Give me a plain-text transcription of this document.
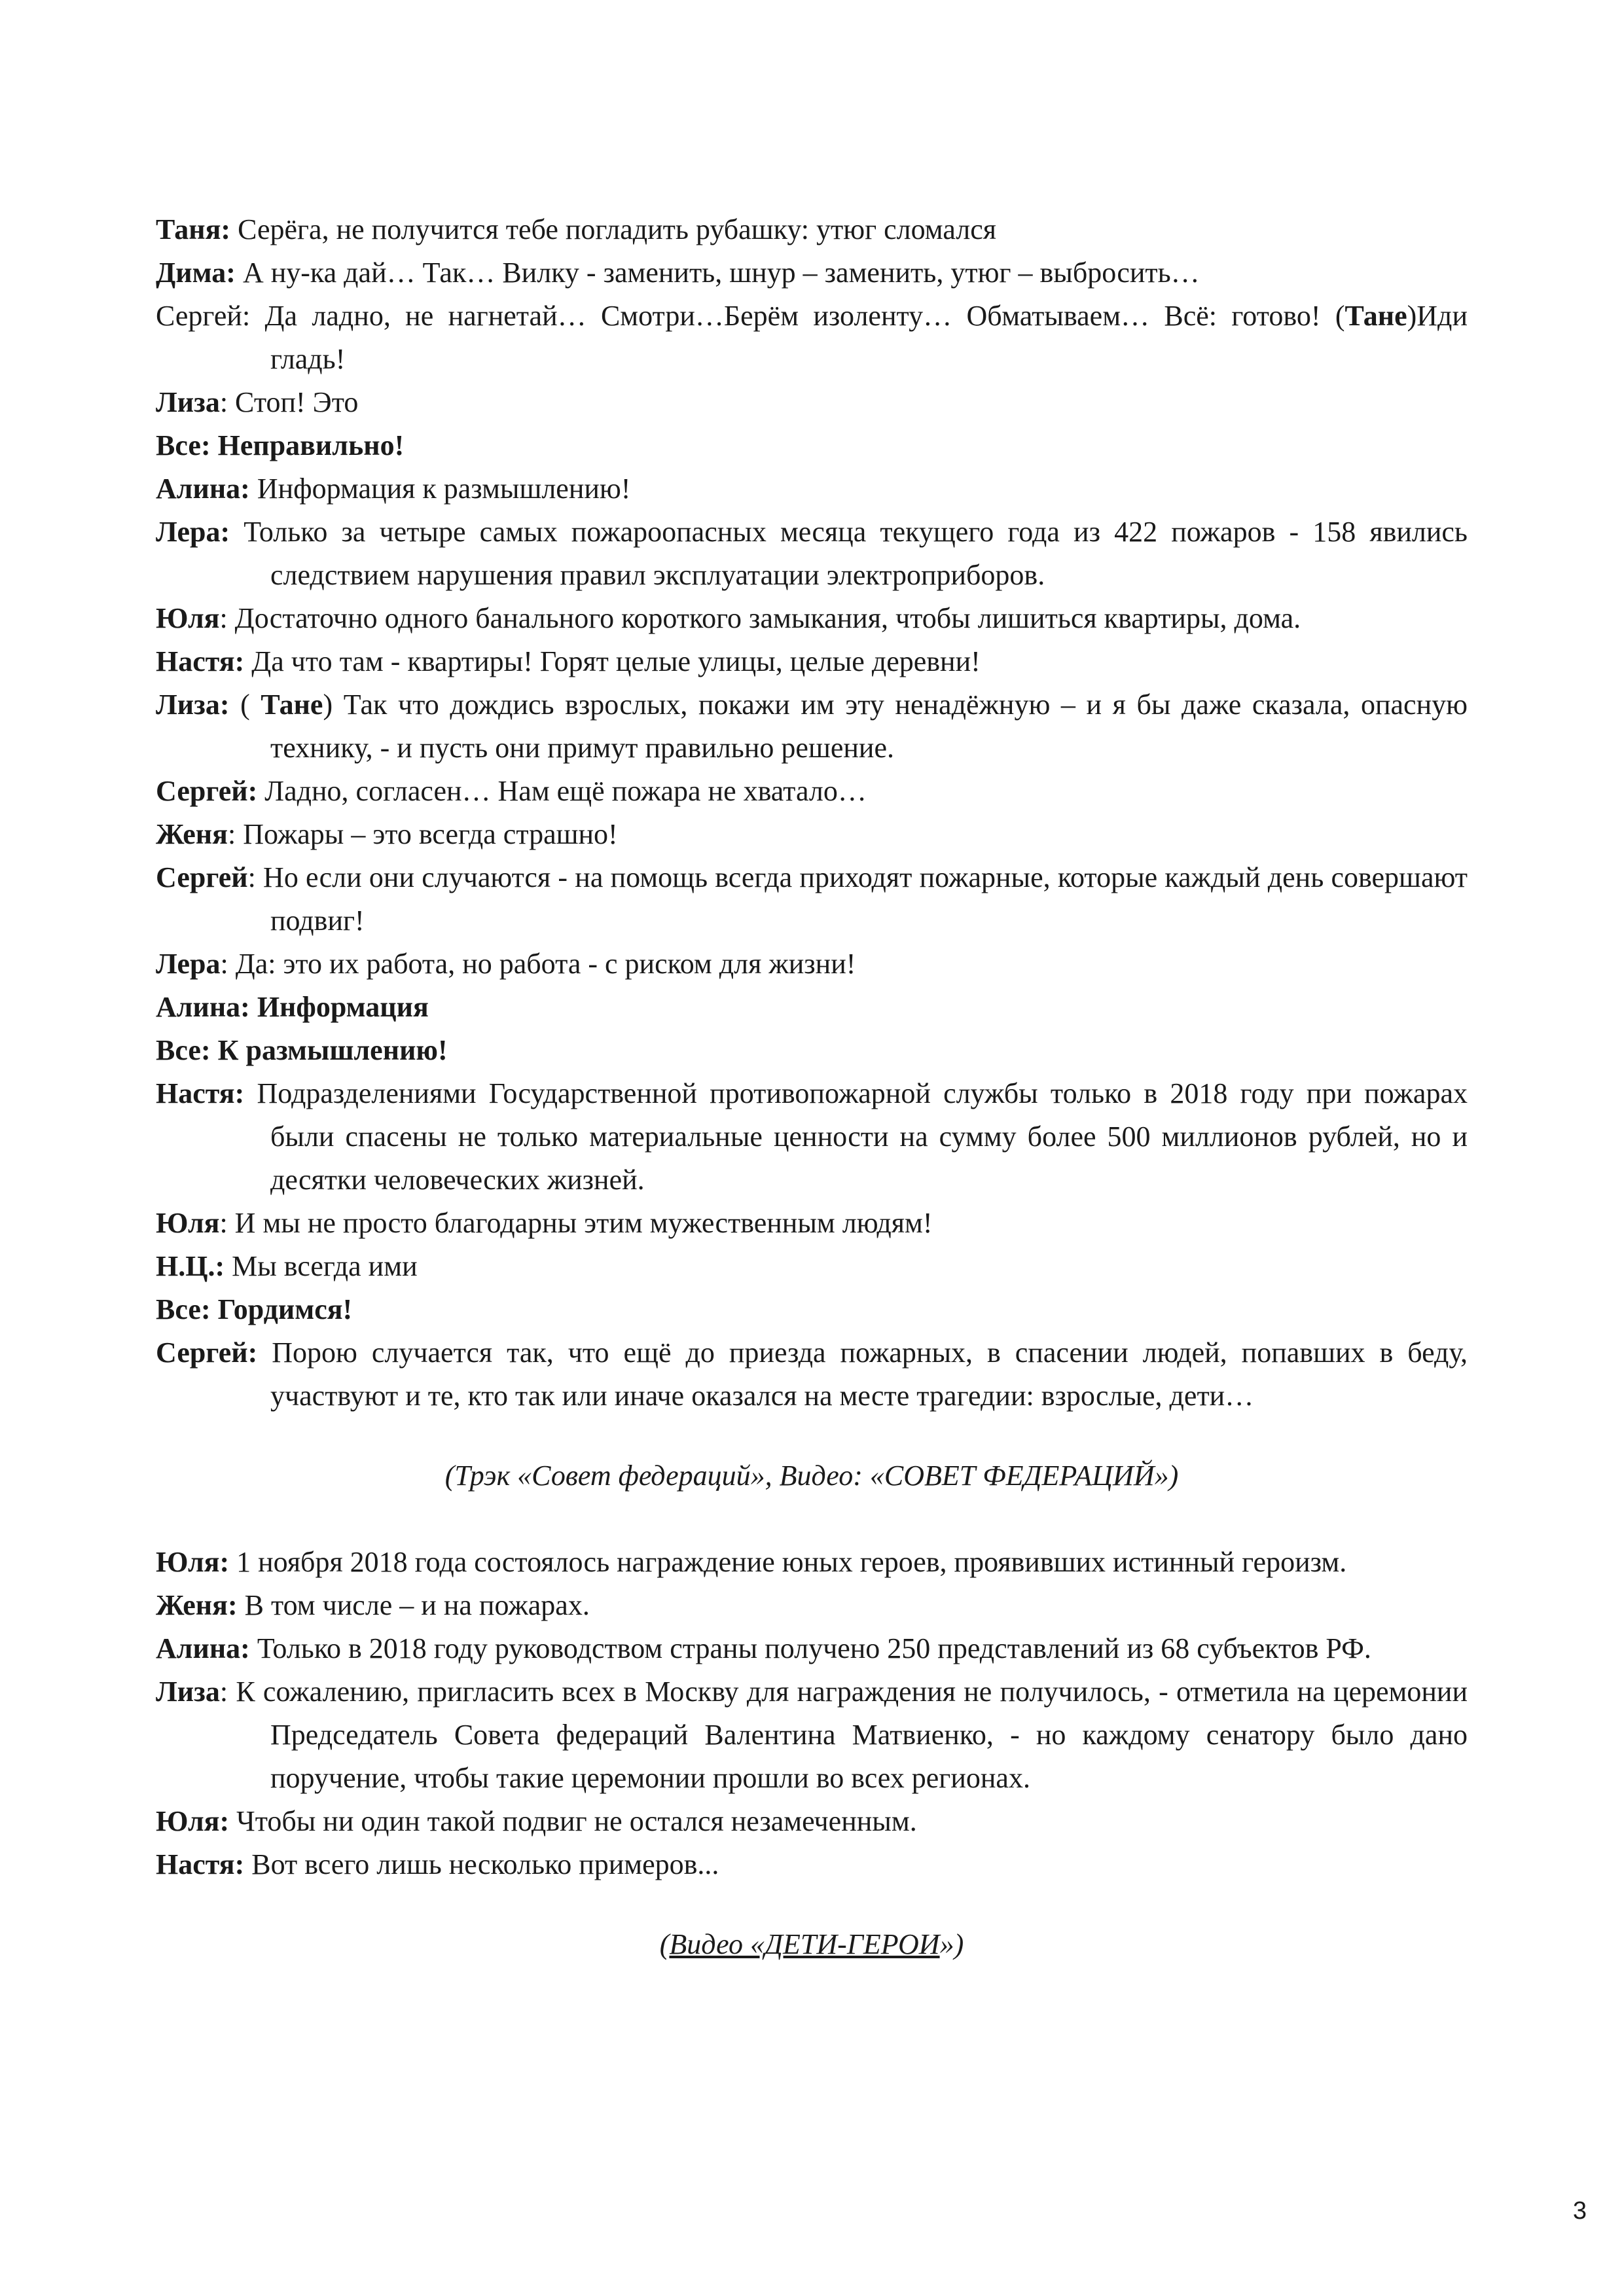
Таня: Серёга, не получится тебе погладить рубашку: утюг сломался
Дима: А ну-ка дай… Так… Вилку - заменить, шнур – заменить, утюг – выбросить…
Сергей: Да ладно, не нагнетай… Смотри…Берём изоленту… Обматываем… Всё: готово! (Тане)Иди гладь!
Лиза: Стоп! Это
Все: Неправильно!
Алина: Информация к размышлению!
Лера: Только за четыре самых пожароопасных месяца текущего года из 422 пожаров - 158 явились следствием нарушения правил эксплуатации электроприборов.
Юля: Достаточно одного банального короткого замыкания, чтобы лишиться квартиры, дома.
Настя: Да что там - квартиры! Горят целые улицы, целые деревни!
Лиза: ( Тане) Так что дождись взрослых, покажи им эту ненадёжную – и я бы даже сказала, опасную технику, - и пусть они примут правильно решение.
Сергей: Ладно, согласен… Нам ещё пожара не хватало…
Женя: Пожары – это всегда страшно!
Сергей: Но если они случаются - на помощь всегда приходят пожарные, которые каждый день совершают подвиг!
Лера: Да: это их работа, но работа - с риском для жизни!
Алина: Информация
Все: К размышлению!
Настя: Подразделениями Государственной противопожарной службы только в 2018 году при пожарах были спасены не только материальные ценности на сумму более 500 миллионов рублей, но и десятки человеческих жизней.
Юля: И мы не просто благодарны этим мужественным людям!
Н.Ц.: Мы всегда ими
Все: Гордимся!
Сергей: Порою случается так, что ещё до приезда пожарных, в спасении людей, попавших в беду, участвуют и те, кто так или иначе оказался на месте трагедии: взрослые, дети…
(Трэк «Совет федераций», Видео: «СОВЕТ ФЕДЕРАЦИЙ»)
Юля: 1 ноября 2018 года состоялось награждение юных героев, проявивших истинный героизм.
Женя: В том числе – и на пожарах.
Алина: Только в 2018 году руководством страны получено 250 представлений из 68 субъектов РФ.
Лиза: К сожалению, пригласить всех в Москву для награждения не получилось, - отметила на церемонии Председатель Совета федераций Валентина Матвиенко, - но каждому сенатору было дано поручение, чтобы такие церемонии прошли во всех регионах.
Юля: Чтобы ни один такой подвиг не остался незамеченным.
Настя: Вот всего лишь несколько примеров...
(Видео «ДЕТИ-ГЕРОИ»)
3
